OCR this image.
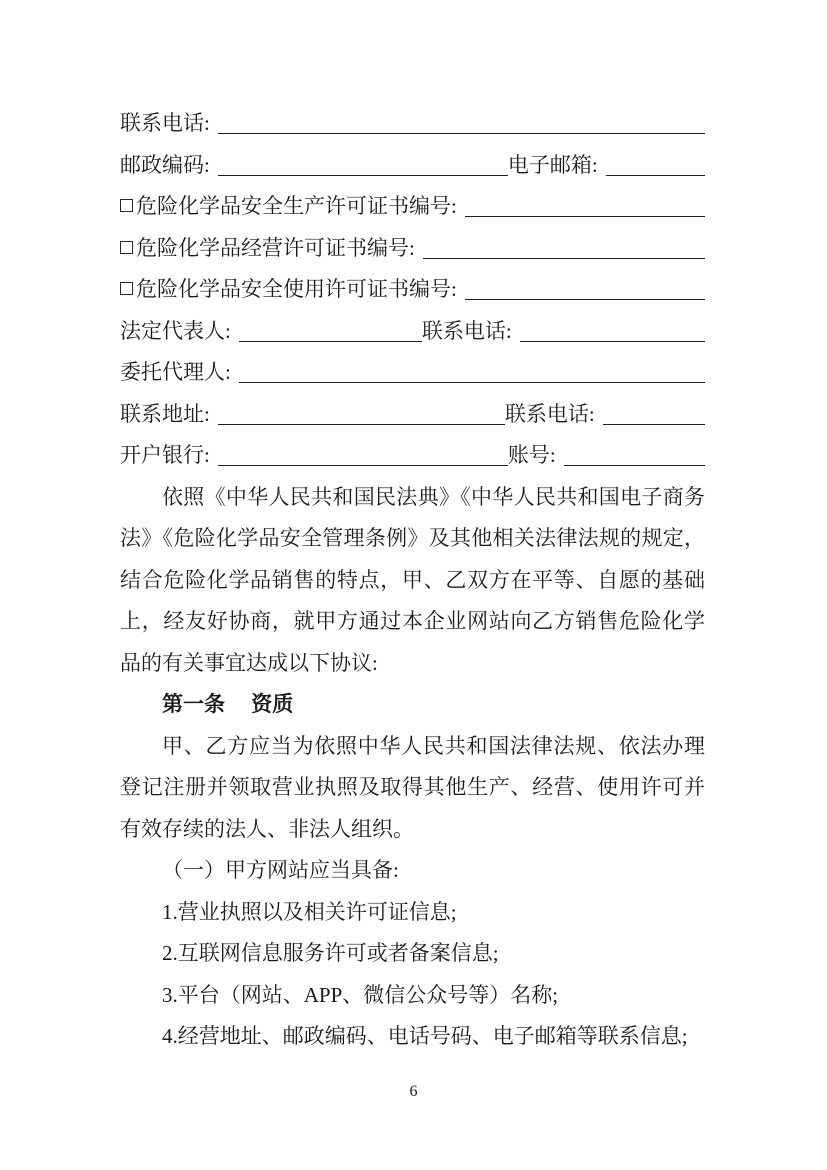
联系电话:
邮政编码:	电子邮箱:
危险化学品安全生产许可证书编号:
危险化学品经营许可证书编号:
危险化学品安全使用许可证书编号:
法定代表人:	联系电话:
委托代理人:
联系地址:	联系电话:
开户银行:	账号:
依照《中华人民共和国民法典》《中华人民共和国电子商务法》《危险化学品安全管理条例》及其他相关法律法规的规定，结合危险化学品销售的特点，甲、乙双方在平等、自愿的基础上，经友好协商，就甲方通过本企业网站向乙方销售危险化学品的有关事宜达成以下协议:
第一条 资质
甲、乙方应当为依照中华人民共和国法律法规、依法办理登记注册并领取营业执照及取得其他生产、经营、使用许可并有效存续的法人、非法人组织。
（一）甲方网站应当具备:
1.营业执照以及相关许可证信息;
2.互联网信息服务许可或者备案信息;
3.平台（网站、APP、微信公众号等）名称;
4.经营地址、邮政编码、电话号码、电子邮箱等联系信息;
6
